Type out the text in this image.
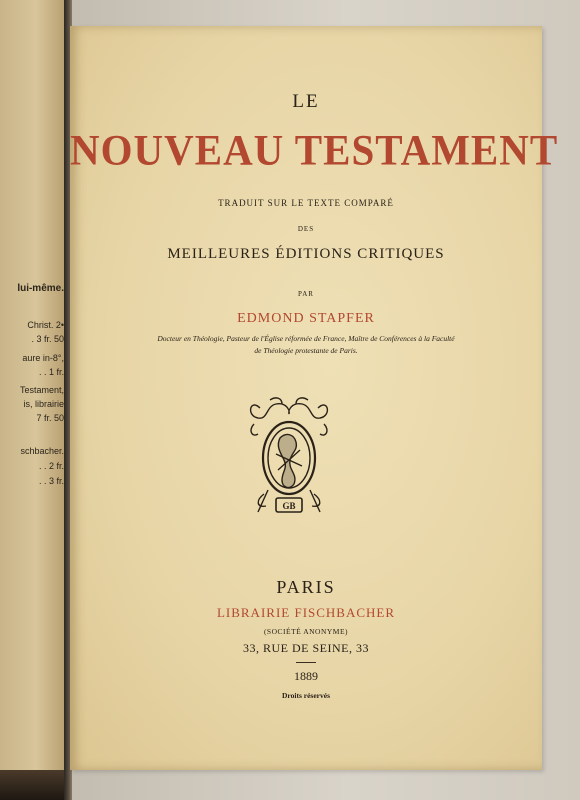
lui-même.
Christ. 2•
. 3 fr. 50
aure in-8°,
. . 1 fr.
Testament,
is, librairie
7 fr. 50
schbacher.
. . 2 fr.
. . 3 fr.
LE
NOUVEAU TESTAMENT
TRADUIT SUR LE TEXTE COMPARÉ
DES
MEILLEURES ÉDITIONS CRITIQUES
PAR
EDMOND STAPFER
Docteur en Théologie, Pasteur de l'Église réformée de France, Maître de Conférences à la Faculté
de Théologie protestante de Paris.
GB
PARIS
LIBRAIRIE FISCHBACHER
(SOCIÉTÉ ANONYME)
33, RUE DE SEINE, 33
1889
Droits réservés
